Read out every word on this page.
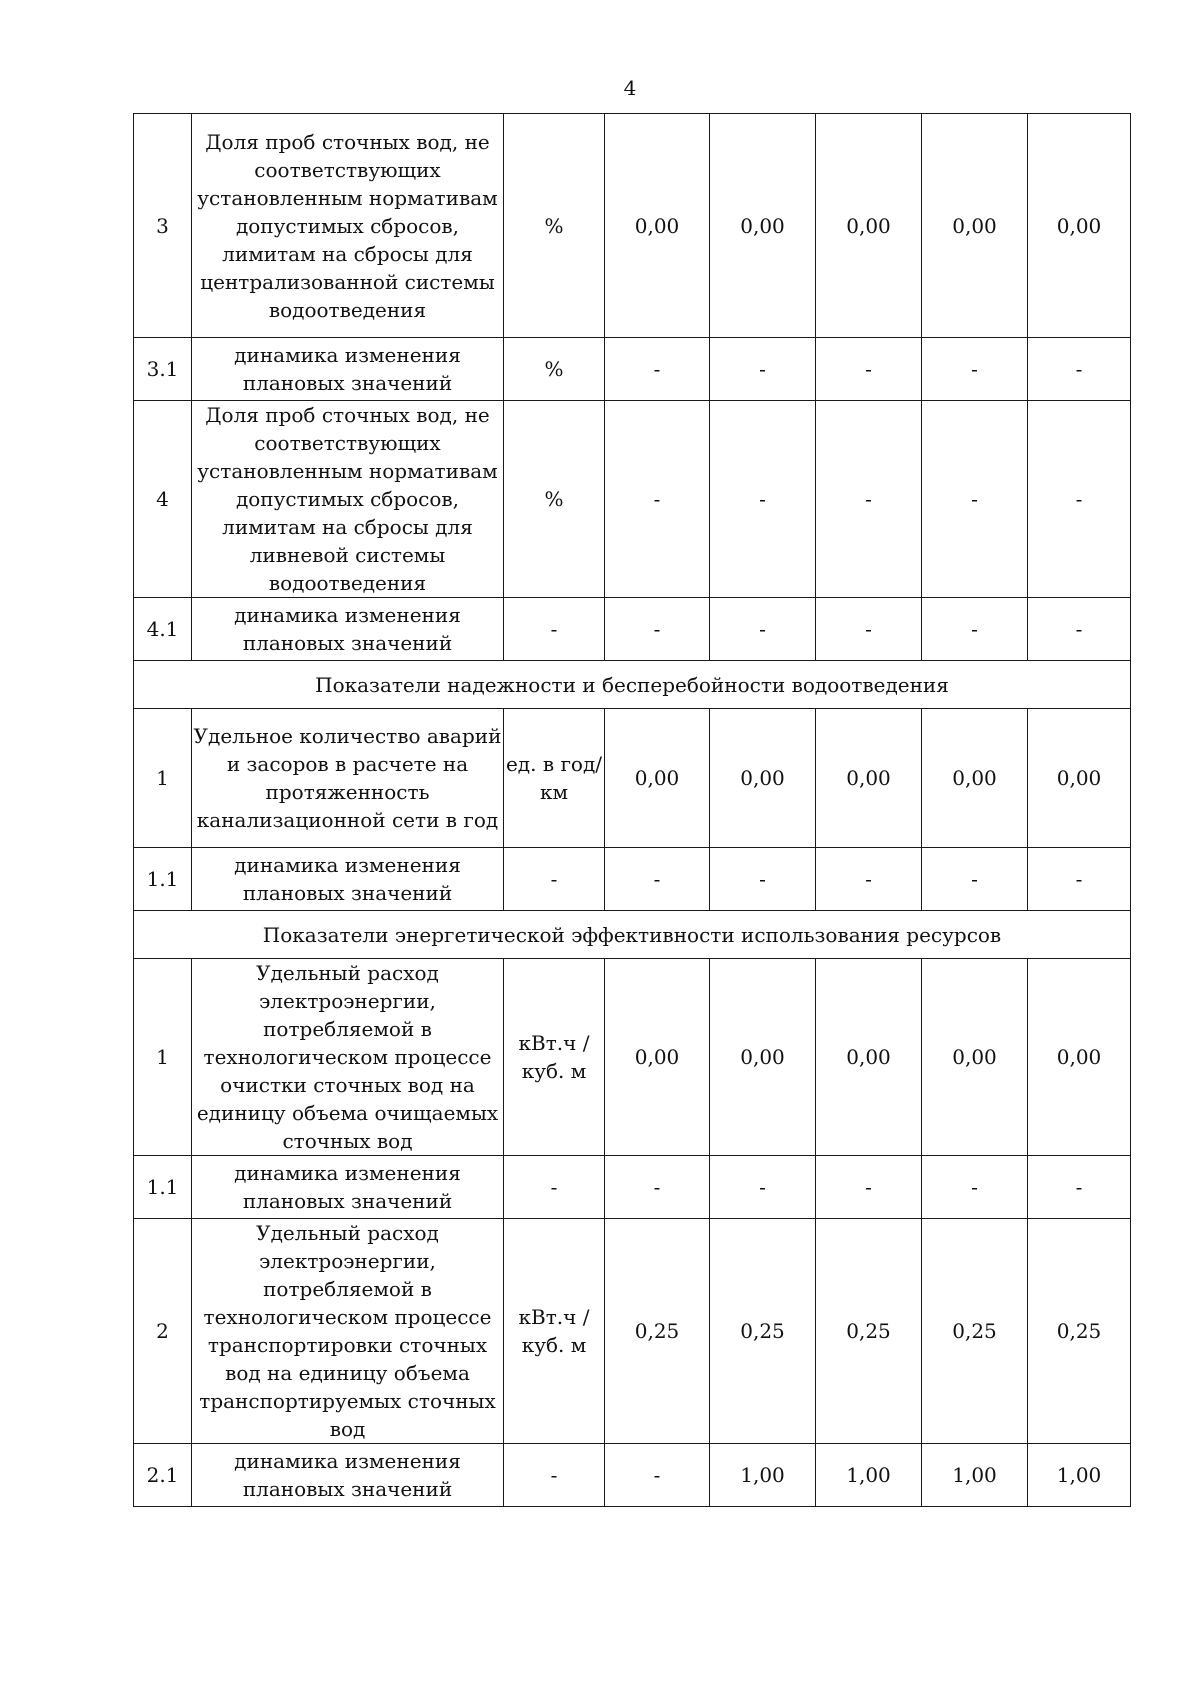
4
3	Доля проб сточных вод, не соответствующих установленным нормативам допустимых сбросов, лимитам на сбросы для централизованной системы водоотведения	%	0,00	0,00	0,00	0,00	0,00
3.1	динамика изменения плановых значений	%	-	-	-	-	-
4	Доля проб сточных вод, не соответствующих установленным нормативам допустимых сбросов, лимитам на сбросы для ливневой системы водоотведения	%	-	-	-	-	-
4.1	динамика изменения плановых значений	-	-	-	-	-	-
Показатели надежности и бесперебойности водоотведения							
1	Удельное количество аварий и засоров в расчете на протяженность канализационной сети в год	ед. в год/ км	0,00	0,00	0,00	0,00	0,00
1.1	динамика изменения плановых значений	-	-	-	-	-	-
Показатели энергетической эффективности использования ресурсов							
1	Удельный расход электроэнергии, потребляемой в технологическом процессе очистки сточных вод на единицу объема очищаемых сточных вод	кВт.ч / куб. м	0,00	0,00	0,00	0,00	0,00
1.1	динамика изменения плановых значений	-	-	-	-	-	-
2	Удельный расход электроэнергии, потребляемой в технологическом процессе транспортировки сточных вод на единицу объема транспортируемых сточных вод	кВт.ч / куб. м	0,25	0,25	0,25	0,25	0,25
2.1	динамика изменения плановых значений	-	-	1,00	1,00	1,00	1,00
